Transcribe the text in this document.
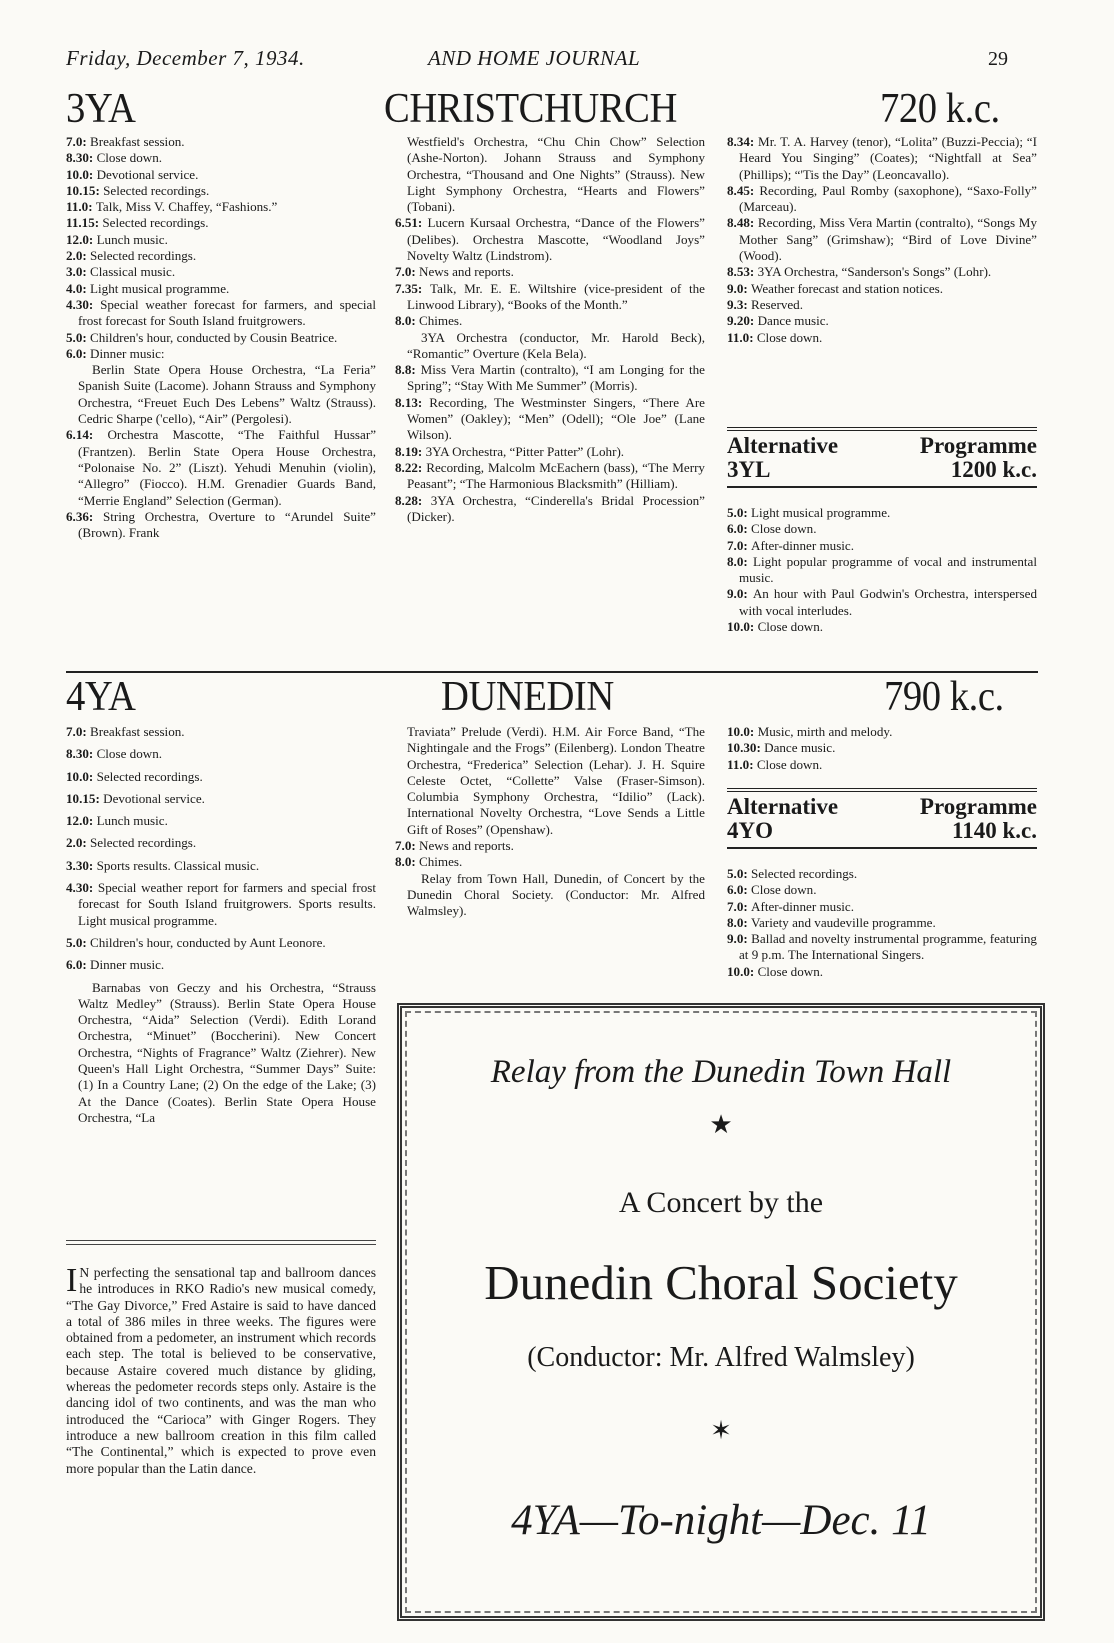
Friday, December 7, 1934.	AND HOME JOURNAL	29
3YA	CHRISTCHURCH	720 k.c.

7.0: Breakfast session.

8.30: Close down.

10.0: Devotional service.

10.15: Selected recordings.

11.0: Talk, Miss V. Chaffey, “Fashions.”

11.15: Selected recordings.

12.0: Lunch music.

2.0: Selected recordings.

3.0: Classical music.

4.0: Light musical programme.

4.30: Special weather forecast for farmers, and special frost forecast for South Island fruitgrowers.

5.0: Children's hour, conducted by Cousin Beatrice.

6.0: Dinner music:

Berlin State Opera House Orchestra, “La Feria” Spanish Suite (Lacome). Johann Strauss and Symphony Orchestra, “Freuet Euch Des Lebens” Waltz (Strauss). Cedric Sharpe ('cello), “Air” (Pergolesi).

6.14: Orchestra Mascotte, “The Faithful Hussar” (Frantzen). Berlin State Opera House Orchestra, “Polonaise No. 2” (Liszt). Yehudi Menuhin (violin), “Allegro” (Fiocco). H.M. Grenadier Guards Band, “Merrie England” Selection (German).

6.36: String Orchestra, Overture to “Arundel Suite” (Brown). Frank

Westfield's Orchestra, “Chu Chin Chow” Selection (Ashe-Norton). Johann Strauss and Symphony Orchestra, “Thousand and One Nights” (Strauss). New Light Symphony Orchestra, “Hearts and Flowers” (Tobani).

6.51: Lucern Kursaal Orchestra, “Dance of the Flowers” (Delibes). Orchestra Mascotte, “Woodland Joys” Novelty Waltz (Lindstrom).

7.0: News and reports.

7.35: Talk, Mr. E. E. Wiltshire (vice-president of the Linwood Library), “Books of the Month.”

8.0: Chimes.

3YA Orchestra (conductor, Mr. Harold Beck), “Romantic” Overture (Kela Bela).

8.8: Miss Vera Martin (contralto), “I am Longing for the Spring”; “Stay With Me Summer” (Morris).

8.13: Recording, The Westminster Singers, “There Are Women” (Oakley); “Men” (Odell); “Ole Joe” (Lane Wilson).

8.19: 3YA Orchestra, “Pitter Patter” (Lohr).

8.22: Recording, Malcolm McEachern (bass), “The Merry Peasant”; “The Harmonious Blacksmith” (Hilliam).

8.28: 3YA Orchestra, “Cinderella's Bridal Procession” (Dicker).

8.34: Mr. T. A. Harvey (tenor), “Lolita” (Buzzi-Peccia); “I Heard You Singing” (Coates); “Nightfall at Sea” (Phillips); “'Tis the Day” (Leoncavallo).

8.45: Recording, Paul Romby (saxophone), “Saxo-Folly” (Marceau).

8.48: Recording, Miss Vera Martin (contralto), “Songs My Mother Sang” (Grimshaw); “Bird of Love Divine” (Wood).

8.53: 3YA Orchestra, “Sanderson's Songs” (Lohr).

9.0: Weather forecast and station notices.

9.3: Reserved.

9.20: Dance music.

11.0: Close down.

Alternative	Programme
3YL	1200 k.c.

5.0: Light musical programme.

6.0: Close down.

7.0: After-dinner music.

8.0: Light popular programme of vocal and instrumental music.

9.0: An hour with Paul Godwin's Orchestra, interspersed with vocal interludes.

10.0: Close down.

4YA	DUNEDIN	790 k.c.

7.0: Breakfast session.

8.30: Close down.

10.0: Selected recordings.

10.15: Devotional service.

12.0: Lunch music.

2.0: Selected recordings.

3.30: Sports results. Classical music.

4.30: Special weather report for farmers and special frost forecast for South Island fruitgrowers. Sports results. Light musical programme.

5.0: Children's hour, conducted by Aunt Leonore.

6.0: Dinner music.

Barnabas von Geczy and his Orchestra, “Strauss Waltz Medley” (Strauss). Berlin State Opera House Orchestra, “Aida” Selection (Verdi). Edith Lorand Orchestra, “Minuet” (Boccherini). New Concert Orchestra, “Nights of Fragrance” Waltz (Ziehrer). New Queen's Hall Light Orchestra, “Summer Days” Suite: (1) In a Country Lane; (2) On the edge of the Lake; (3) At the Dance (Coates). Berlin State Opera House Orchestra, “La

Traviata” Prelude (Verdi). H.M. Air Force Band, “The Nightingale and the Frogs” (Eilenberg). London Theatre Orchestra, “Frederica” Selection (Lehar). J. H. Squire Celeste Octet, “Collette” Valse (Fraser-Simson). Columbia Symphony Orchestra, “Idilio” (Lack). International Novelty Orchestra, “Love Sends a Little Gift of Roses” (Openshaw).

7.0: News and reports.

8.0: Chimes.

Relay from Town Hall, Dunedin, of Concert by the Dunedin Choral Society. (Conductor: Mr. Alfred Walmsley).

10.0: Music, mirth and melody.

10.30: Dance music.

11.0: Close down.

Alternative	Programme
4YO	1140 k.c.

5.0: Selected recordings.

6.0: Close down.

7.0: After-dinner music.

8.0: Variety and vaudeville programme.

9.0: Ballad and novelty instrumental programme, featuring at 9 p.m. The International Singers.

10.0: Close down.

I N perfecting the sensational tap and ballroom dances he introduces in RKO Radio's new musical comedy, “The Gay Divorce,” Fred Astaire is said to have danced a total of 386 miles in three weeks. The figures were obtained from a pedometer, an instrument which records each step. The total is believed to be conservative, because Astaire covered much distance by gliding, whereas the pedometer records steps only. Astaire is the dancing idol of two continents, and was the man who introduced the “Carioca” with Ginger Rogers. They introduce a new ballroom creation in this film called “The Continental,” which is expected to prove even more popular than the Latin dance.
Relay from the Dunedin Town Hall
★
A Concert by the
Dunedin Choral Society
(Conductor: Mr. Alfred Walmsley)
✶
4YA—To-night—Dec. 11
